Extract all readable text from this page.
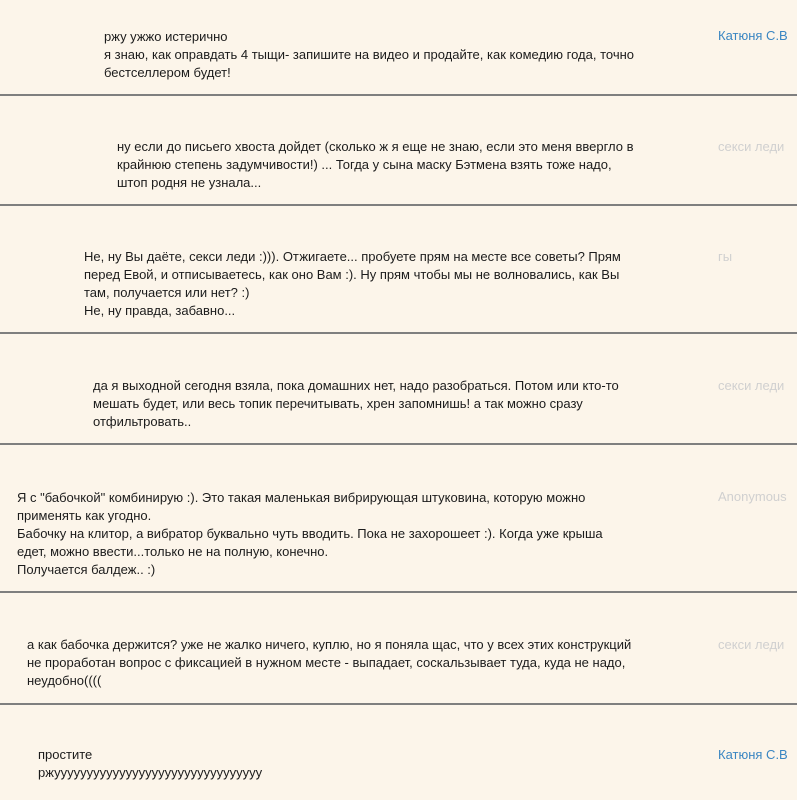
ржу ужжо истерично
я знаю, как оправдать 4 тыщи- запишите на видео и продайте, как комедию года, точно
бестселлером будет!
Катюня С.В
ну если до письего хвоста дойдет (сколько ж я еще не знаю, если это меня ввергло в
крайнюю степень задумчивости!) ... Тогда у сына маску Бэтмена взять тоже надо,
штоп родня не узнала...
секси леди
Не, ну Вы даёте, секси леди :))). Отжигаете... пробуете прям на месте все советы? Прям
перед Евой, и отписываетесь, как оно Вам :). Ну прям чтобы мы не волновались, как Вы
там, получается или нет? :)
Не, ну правда, забавно...
гы
да я выходной сегодня взяла, пока домашних нет, надо разобраться. Потом или кто-то
мешать будет, или весь топик перечитывать, хрен запомнишь! а так можно сразу
отфильтровать..
секси леди
Я с "бабочкой" комбинирую :). Это такая маленькая вибрирующая штуковина, которую можно
применять как угодно.
Бабочку на клитор, а вибратор буквально чуть вводить. Пока не захорошеет :). Когда уже крыша
едет, можно ввести...только не на полную, конечно.
Получается балдеж.. :)
Anonymous
а как бабочка держится? уже не жалко ничего, куплю, но я поняла щас, что у всех этих конструкций
не проработан вопрос с фиксацией в нужном месте - выпадает, соскальзывает туда, куда не надо,
неудобно((((
секси леди
простите
ржуууууууууууууууууууууууууууууууу
Катюня С.В
